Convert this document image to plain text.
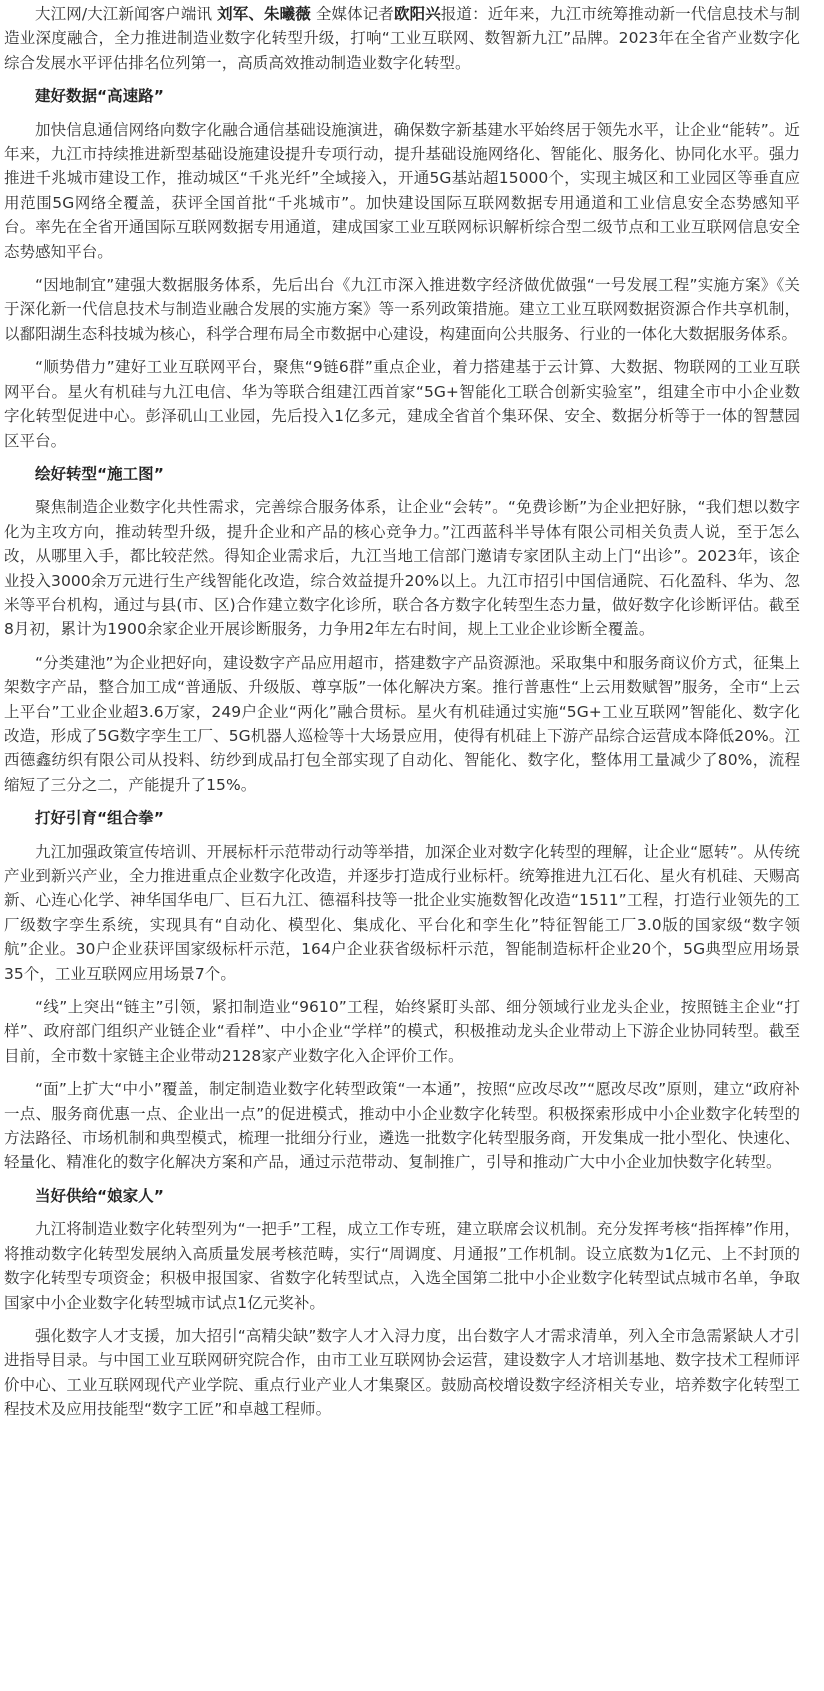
大江网/大江新闻客户端讯 刘军、朱曦薇 全媒体记者欧阳兴报道：近年来，九江市统筹推动新一代信息技术与制造业深度融合，全力推进制造业数字化转型升级，打响“工业互联网、数智新九江”品牌。2023年在全省产业数字化综合发展水平评估排名位列第一，高质高效推动制造业数字化转型。

建好数据“高速路”

加快信息通信网络向数字化融合通信基础设施演进，确保数字新基建水平始终居于领先水平，让企业“能转”。近年来，九江市持续推进新型基础设施建设提升专项行动，提升基础设施网络化、智能化、服务化、协同化水平。强力推进千兆城市建设工作，推动城区“千兆光纤”全域接入，开通5G基站超15000个，实现主城区和工业园区等垂直应用范围5G网络全覆盖，获评全国首批“千兆城市”。加快建设国际互联网数据专用通道和工业信息安全态势感知平台。率先在全省开通国际互联网数据专用通道，建成国家工业互联网标识解析综合型二级节点和工业互联网信息安全态势感知平台。

“因地制宜”建强大数据服务体系，先后出台《九江市深入推进数字经济做优做强“一号发展工程”实施方案》《关于深化新一代信息技术与制造业融合发展的实施方案》等一系列政策措施。建立工业互联网数据资源合作共享机制，以鄱阳湖生态科技城为核心，科学合理布局全市数据中心建设，构建面向公共服务、行业的一体化大数据服务体系。

“顺势借力”建好工业互联网平台，聚焦“9链6群”重点企业，着力搭建基于云计算、大数据、物联网的工业互联网平台。星火有机硅与九江电信、华为等联合组建江西首家“5G+智能化工联合创新实验室”，组建全市中小企业数字化转型促进中心。彭泽矶山工业园，先后投入1亿多元，建成全省首个集环保、安全、数据分析等于一体的智慧园区平台。

绘好转型“施工图”

聚焦制造企业数字化共性需求，完善综合服务体系，让企业“会转”。“免费诊断”为企业把好脉，“我们想以数字化为主攻方向，推动转型升级，提升企业和产品的核心竞争力。”江西蓝科半导体有限公司相关负责人说，至于怎么改，从哪里入手，都比较茫然。得知企业需求后，九江当地工信部门邀请专家团队主动上门“出诊”。2023年，该企业投入3000余万元进行生产线智能化改造，综合效益提升20%以上。九江市招引中国信通院、石化盈科、华为、忽米等平台机构，通过与县(市、区)合作建立数字化诊所，联合各方数字化转型生态力量，做好数字化诊断评估。截至8月初，累计为1900余家企业开展诊断服务，力争用2年左右时间，规上工业企业诊断全覆盖。

“分类建池”为企业把好向，建设数字产品应用超市，搭建数字产品资源池。采取集中和服务商议价方式，征集上架数字产品，整合加工成“普通版、升级版、尊享版”一体化解决方案。推行普惠性“上云用数赋智”服务，全市“上云上平台”工业企业超3.6万家，249户企业“两化”融合贯标。星火有机硅通过实施“5G+工业互联网”智能化、数字化改造，形成了5G数字孪生工厂、5G机器人巡检等十大场景应用，使得有机硅上下游产品综合运营成本降低20%。江西德鑫纺织有限公司从投料、纺纱到成品打包全部实现了自动化、智能化、数字化，整体用工量减少了80%，流程缩短了三分之二，产能提升了15%。

打好引育“组合拳”

九江加强政策宣传培训、开展标杆示范带动行动等举措，加深企业对数字化转型的理解，让企业“愿转”。从传统产业到新兴产业，全力推进重点企业数字化改造，并逐步打造成行业标杆。统筹推进九江石化、星火有机硅、天赐高新、心连心化学、神华国华电厂、巨石九江、德福科技等一批企业实施数智化改造“1511”工程，打造行业领先的工厂级数字孪生系统，实现具有“自动化、模型化、集成化、平台化和孪生化”特征智能工厂3.0版的国家级“数字领航”企业。30户企业获评国家级标杆示范，164户企业获省级标杆示范，智能制造标杆企业20个，5G典型应用场景35个，工业互联网应用场景7个。

“线”上突出“链主”引领，紧扣制造业“9610”工程，始终紧盯头部、细分领域行业龙头企业，按照链主企业“打样”、政府部门组织产业链企业“看样”、中小企业“学样”的模式，积极推动龙头企业带动上下游企业协同转型。截至目前，全市数十家链主企业带动2128家产业数字化入企评价工作。

“面”上扩大“中小”覆盖，制定制造业数字化转型政策“一本通”，按照“应改尽改”“愿改尽改”原则，建立“政府补一点、服务商优惠一点、企业出一点”的促进模式，推动中小企业数字化转型。积极探索形成中小企业数字化转型的方法路径、市场机制和典型模式，梳理一批细分行业，遴选一批数字化转型服务商，开发集成一批小型化、快速化、轻量化、精准化的数字化解决方案和产品，通过示范带动、复制推广，引导和推动广大中小企业加快数字化转型。

当好供给“娘家人”

九江将制造业数字化转型列为“一把手”工程，成立工作专班，建立联席会议机制。充分发挥考核“指挥棒”作用，将推动数字化转型发展纳入高质量发展考核范畴，实行“周调度、月通报”工作机制。设立底数为1亿元、上不封顶的数字化转型专项资金；积极申报国家、省数字化转型试点，入选全国第二批中小企业数字化转型试点城市名单，争取国家中小企业数字化转型城市试点1亿元奖补。

强化数字人才支援，加大招引“高精尖缺”数字人才入浔力度，出台数字人才需求清单，列入全市急需紧缺人才引进指导目录。与中国工业互联网研究院合作，由市工业互联网协会运营，建设数字人才培训基地、数字技术工程师评价中心、工业互联网现代产业学院、重点行业产业人才集聚区。鼓励高校增设数字经济相关专业，培养数字化转型工程技术及应用技能型“数字工匠”和卓越工程师。
